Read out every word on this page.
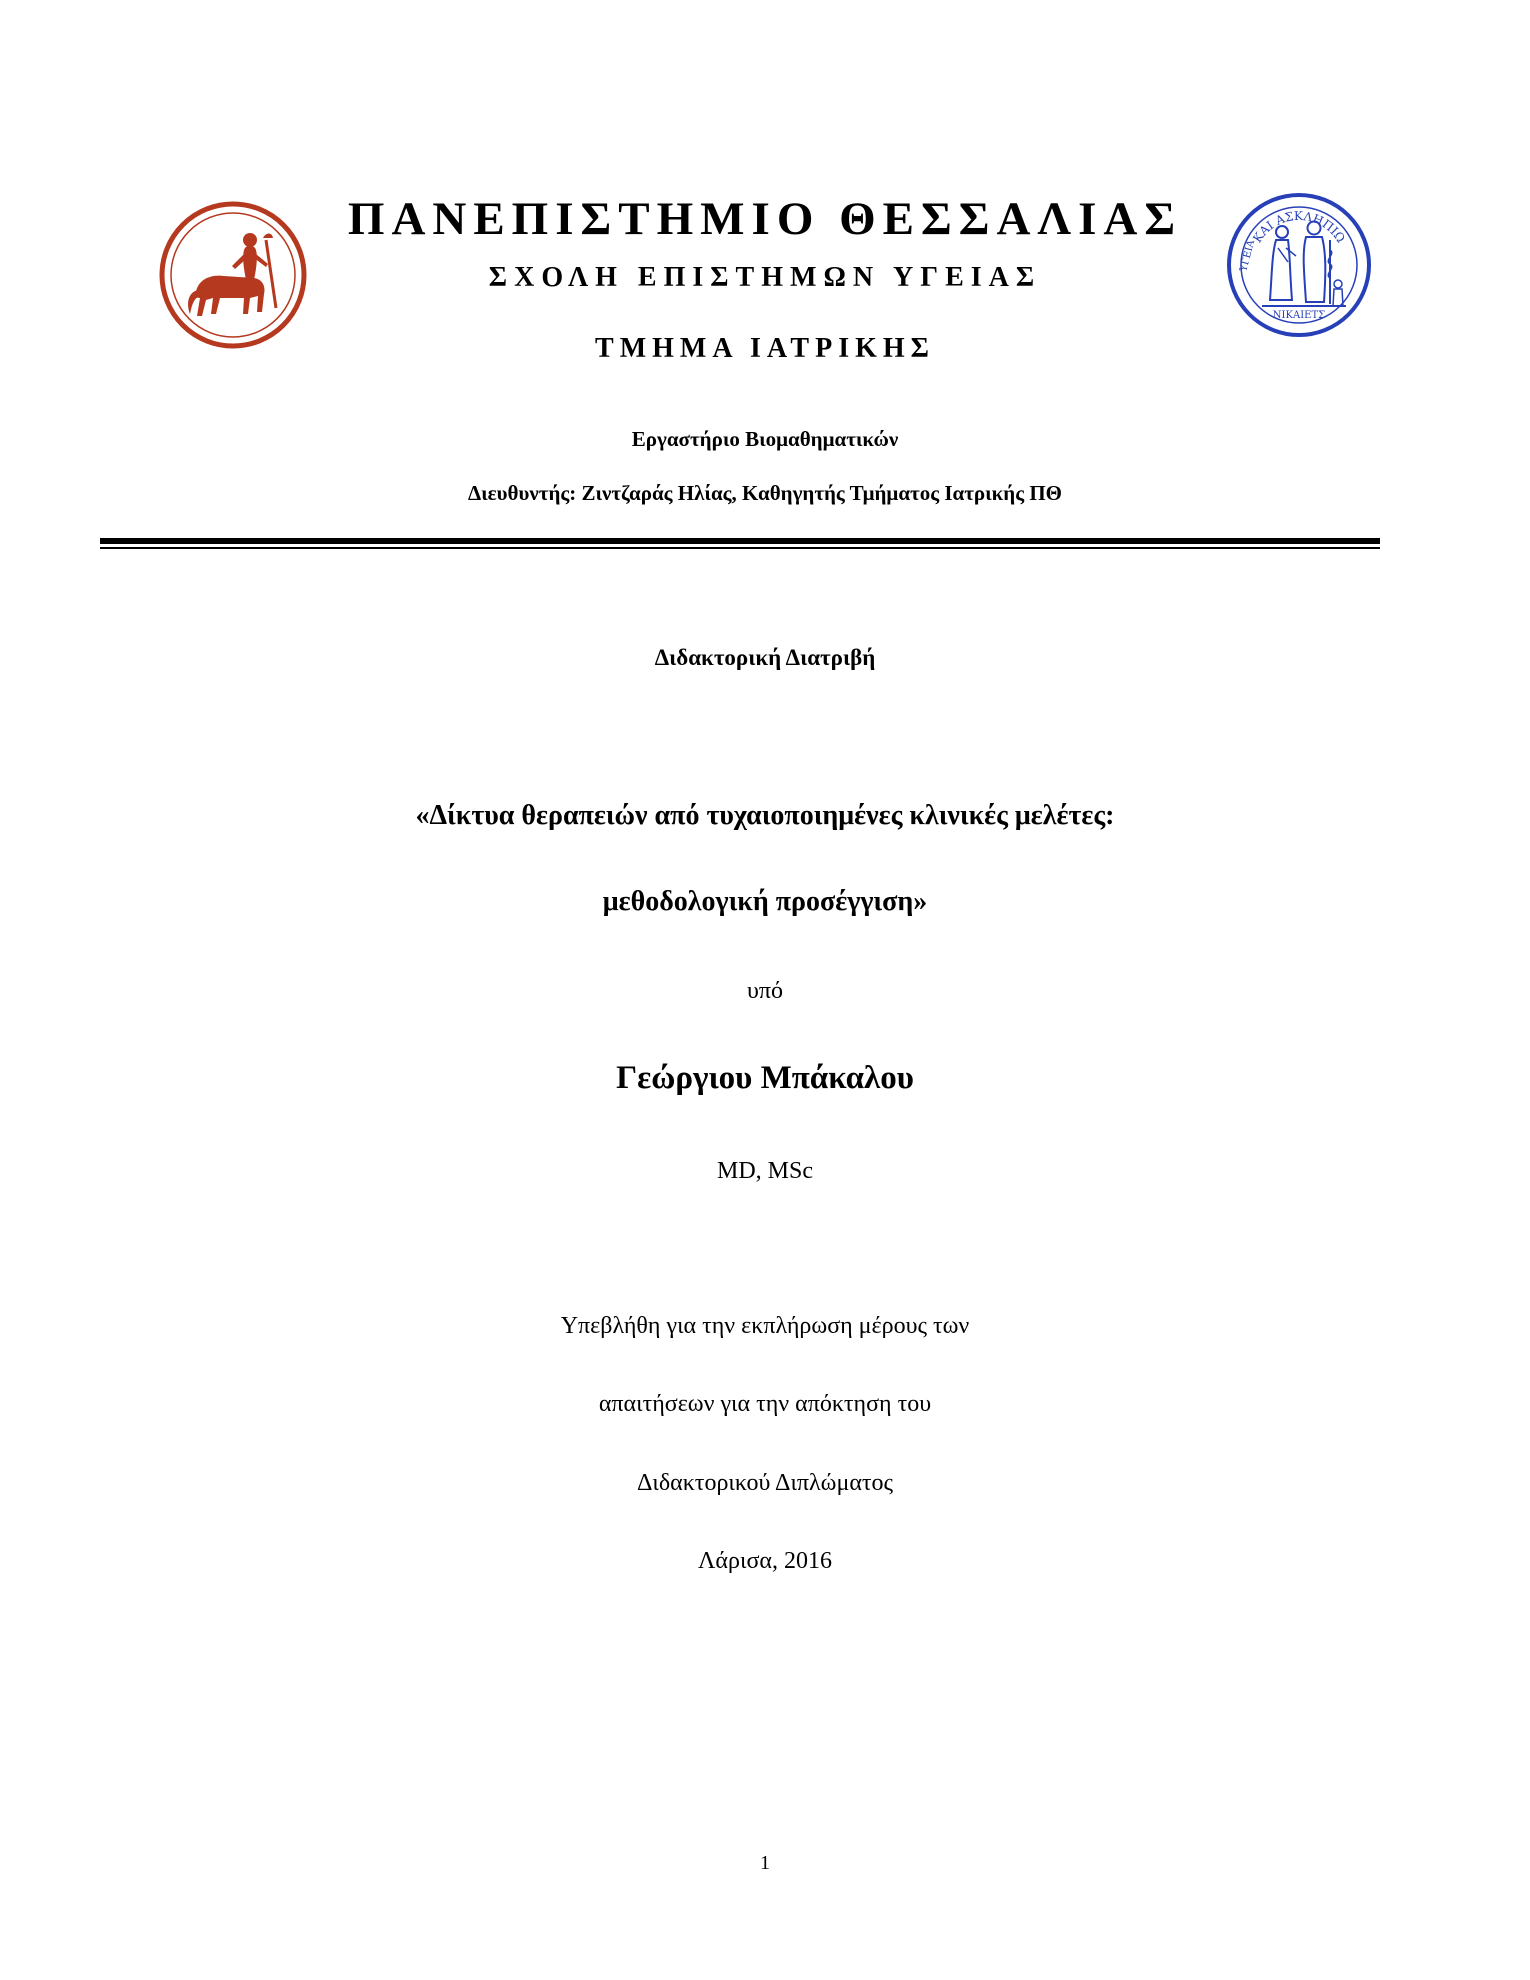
ΚΑΙ ΑΣΚΛΗΠΙΩ
ΝΙΚΑΙΕΤΣ
ΥΓΕΙΑ
ΠΑΝΕΠΙΣΤΗΜΙΟ ΘΕΣΣΑΛΙΑΣ
ΣΧΟΛΗ ΕΠΙΣΤΗΜΩΝ ΥΓΕΙΑΣ
ΤΜΗΜΑ ΙΑΤΡΙΚΗΣ
Εργαστήριο Βιομαθηματικών
Διευθυντής: Ζιντζαράς Ηλίας, Καθηγητής Τμήματος Ιατρικής ΠΘ
Διδακτορική Διατριβή
«Δίκτυα θεραπειών από τυχαιοποιημένες κλινικές μελέτες:
μεθοδολογική προσέγγιση»
υπό
Γεώργιου Μπάκαλου
MD, MSc
Υπεβλήθη για την εκπλήρωση μέρους των
απαιτήσεων για την απόκτηση του
Διδακτορικού Διπλώματος
Λάρισα, 2016
1
